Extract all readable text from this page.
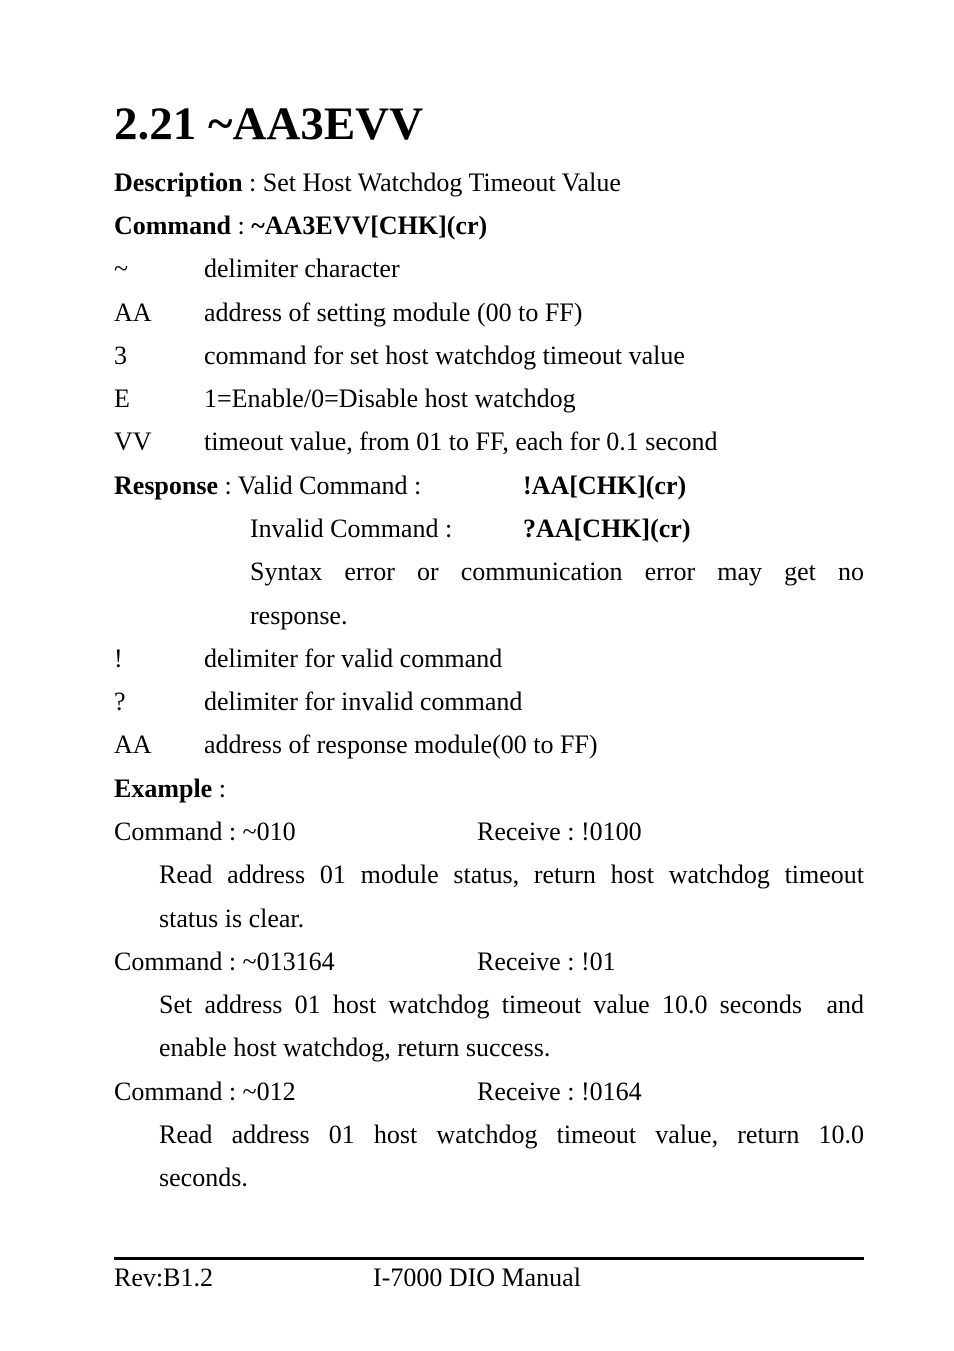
2.21 ~AA3EVV
Description : Set Host Watchdog Timeout Value
Command : ~AA3EVV[CHK](cr)
~	delimiter character
AA address of setting module (00 to FF)
3	command for set host watchdog timeout value
E	1=Enable/0=Disable host watchdog
VV timeout value, from 01 to FF, each for 0.1 second
Response : Valid Command :	!AA[CHK](cr)
Invalid Command :	?AA[CHK](cr)
Syntax error or communication error may get no
response.
!	delimiter for valid command
?	delimiter for invalid command
AA address of response module(00 to FF)
Example :
Command : ~010	Receive : !0100
Read address 01 module status, return host watchdog timeout
status is clear.
Command : ~013164	Receive : !01
Set address 01 host watchdog timeout value 10.0 seconds  and
enable host watchdog, return success.
Command : ~012	Receive : !0164
Read address 01 host watchdog timeout value, return 10.0
seconds.
Rev:B1.2	I-7000 DIO Manual
